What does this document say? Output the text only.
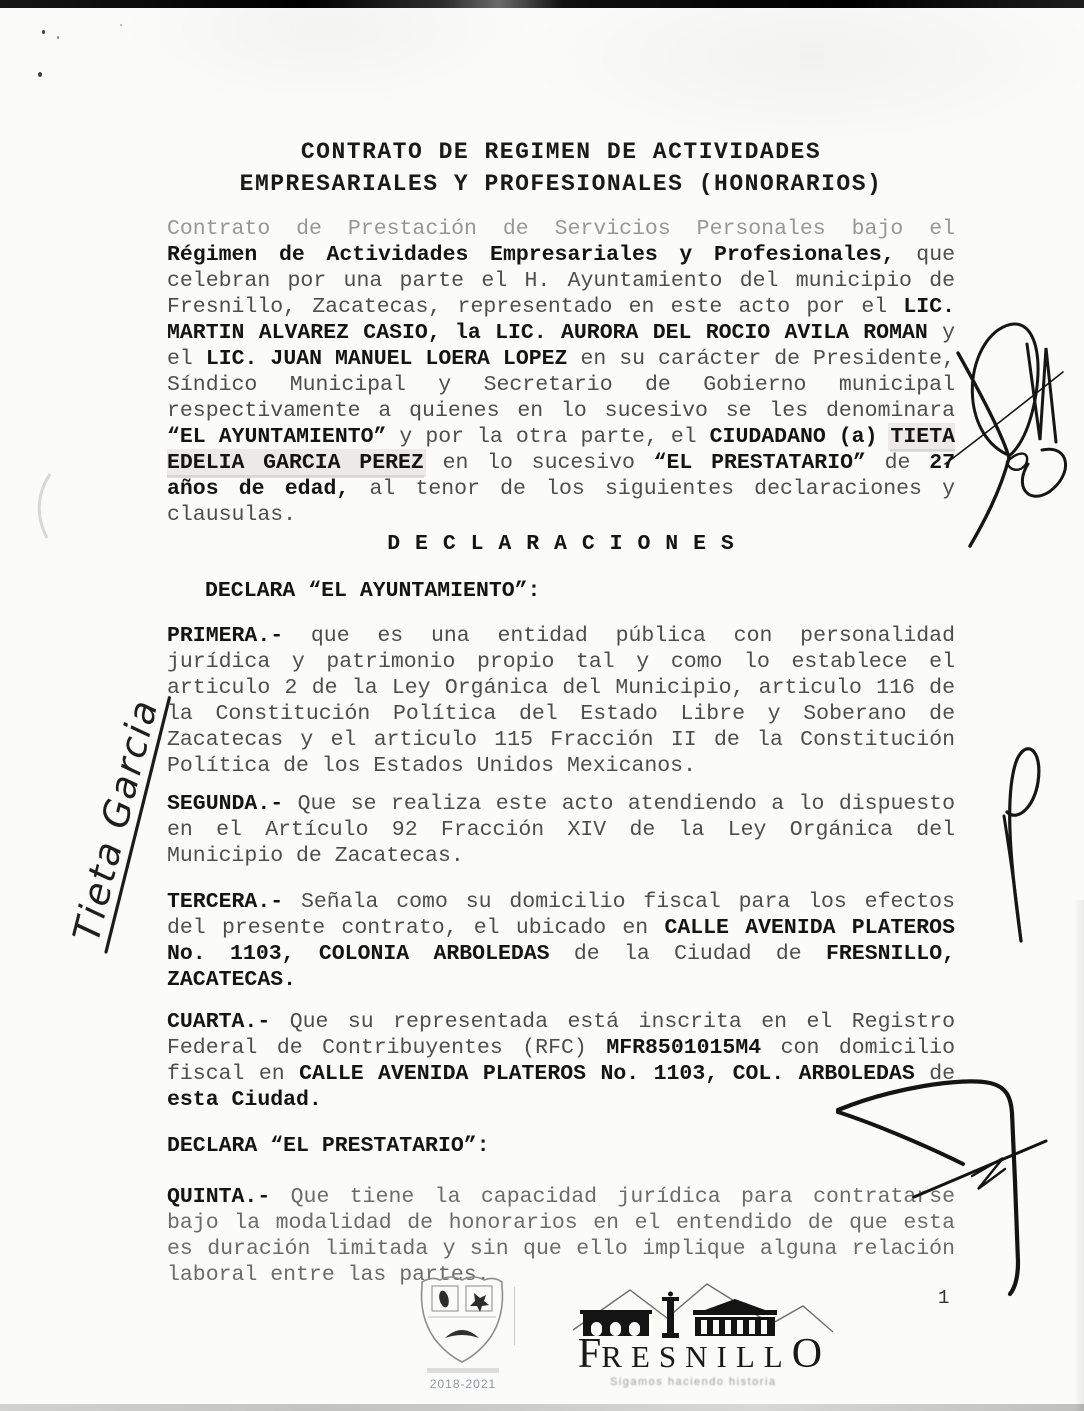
CONTRATO DE REGIMEN DE ACTIVIDADES
EMPRESARIALES Y PROFESIONALES (HONORARIOS)

Contrato de Prestación de Servicios Personales bajo el Régimen de Actividades Empresariales y Profesionales, que celebran por una parte el H. Ayuntamiento del municipio de Fresnillo, Zacatecas, representado en este acto por el LIC. MARTIN ALVAREZ CASIO, la LIC. AURORA DEL ROCIO AVILA ROMAN y el LIC. JUAN MANUEL LOERA LOPEZ en su carácter de Presidente, Síndico Municipal y Secretario de Gobierno municipal respectivamente a quienes en lo sucesivo se les denominara “EL AYUNTAMIENTO” y por la otra parte, el CIUDADANO (a) TIETA EDELIA GARCIA PEREZ en lo sucesivo “EL PRESTATARIO” de 27 años de edad, al tenor de los siguientes declaraciones y clausulas.

D E C L A R A C I O N E S

DECLARA “EL AYUNTAMIENTO”:

PRIMERA.- que es una entidad pública con personalidad jurídica y patrimonio propio tal y como lo establece el articulo 2 de la Ley Orgánica del Municipio, articulo 116 de la Constitución Política del Estado Libre y Soberano de Zacatecas y el articulo 115 Fracción II de la Constitución Política de los Estados Unidos Mexicanos.

SEGUNDA.- Que se realiza este acto atendiendo a lo dispuesto en el Artículo 92 Fracción XIV de la Ley Orgánica del Municipio de Zacatecas.

TERCERA.- Señala como su domicilio fiscal para los efectos del presente contrato, el ubicado en CALLE AVENIDA PLATEROS No. 1103, COLONIA ARBOLEDAS de la Ciudad de FRESNILLO, ZACATECAS.

CUARTA.- Que su representada está inscrita en el Registro Federal de Contribuyentes (RFC) MFR8501015M4 con domicilio fiscal en CALLE AVENIDA PLATEROS No. 1103, COL. ARBOLEDAS de esta Ciudad.

DECLARA “EL PRESTATARIO”:

QUINTA.- Que tiene la capacidad jurídica para contratarse bajo la modalidad de honorarios en el entendido de que esta es duración limitada y sin que ello implique alguna relación laboral entre las partes.

Tieta Garcia
2018-2021
FRESNILLO
Sigamos haciendo historia
1
